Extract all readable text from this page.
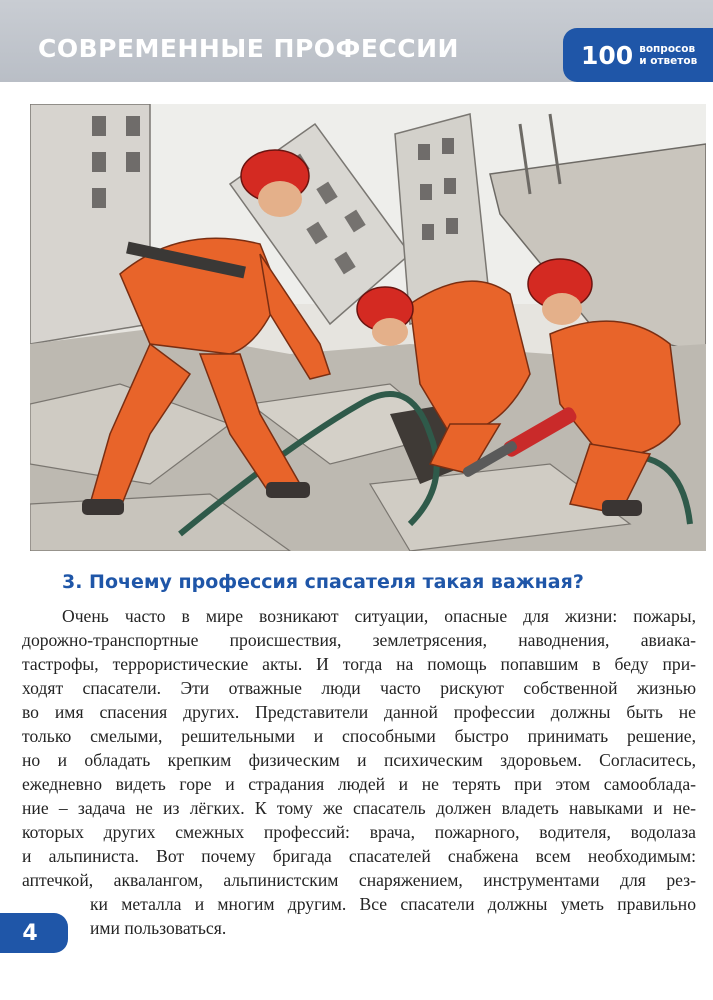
СОВРЕМЕННЫЕ ПРОФЕССИИ	100 вопросов
и ответов
3. Почему профессия спасателя такая важная?
Очень часто в мире возникают ситуации, опасные для жизни: пожары,
дорожно-транспортные происшествия, землетрясения, наводнения, авиака-
тастрофы, террористические акты. И тогда на помощь попавшим в беду при-
ходят спасатели. Эти отважные люди часто рискуют собственной жизнью
во имя спасения других. Представители данной профессии должны быть не
только смелыми, решительными и способными быстро принимать решение,
но и обладать крепким физическим и психическим здоровьем. Согласитесь,
ежедневно видеть горе и страдания людей и не терять при этом самооблада-
ние – задача не из лёгких. К тому же спасатель должен владеть навыками и не-
которых других смежных профессий: врача, пожарного, водителя, водолаза
и альпиниста. Вот почему бригада спасателей снабжена всем необходимым:
аптечкой, аквалангом, альпинистским снаряжением, инструментами для рез-
ки металла и многим другим. Все спасатели должны уметь правильно
ими пользоваться.
4
